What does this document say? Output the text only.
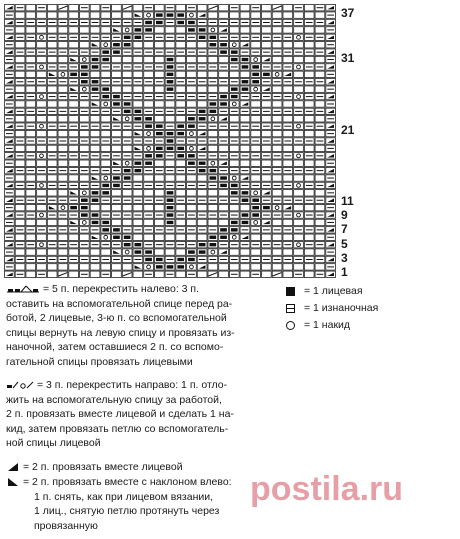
37
31
21
11
9
7
5
3
1
= 1 лицевая
= 1 изнаночная
= 1 накид
= 5 п. перекрестить налево: 3 п.
оставить на вспомогательной спице перед ра-
ботой, 2 лицевые, 3-ю п. со вспомогательной
спицы вернуть на левую спицу и провязать из-
наночной, затем оставшиеся 2 п. со вспомо-
гательной спицы провязать лицевыми
= 3 п. перекрестить направо: 1 п. отло-
жить на вспомогательную спицу за работой,
2 п. провязать вместе лицевой и сделать 1 на-
кид, затем провязать петлю со вспомогатель-
ной спицы лицевой
= 2 п. провязать вместе лицевой
= 2 п. провязать вместе с наклоном влево:
1 п. снять, как при лицевом вязании,
1 лиц., снятую петлю протянуть через
провязанную
postila.ru
